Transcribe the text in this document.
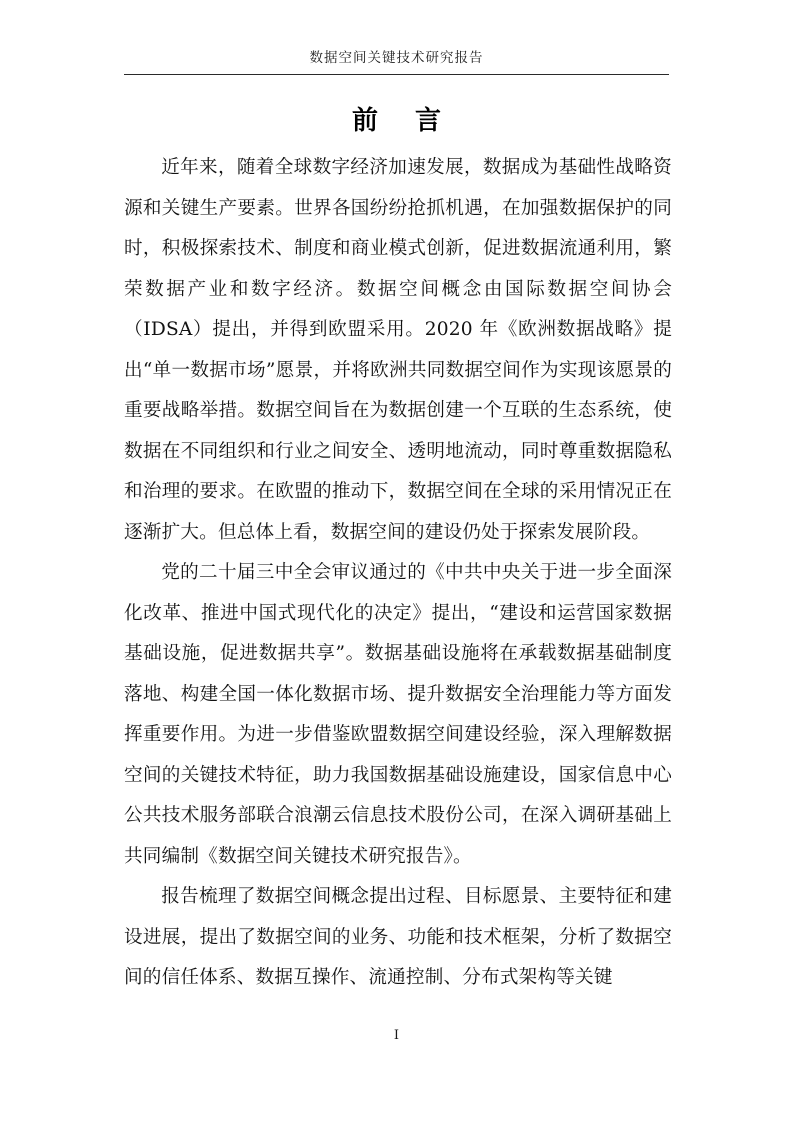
数据空间关键技术研究报告
前 言

近年来，随着全球数字经济加速发展，数据成为基础性战略资源和关键生产要素。世界各国纷纷抢抓机遇，在加强数据保护的同时，积极探索技术、制度和商业模式创新，促进数据流通利用，繁荣数据产业和数字经济。数据空间概念由国际数据空间协会（IDSA）提出，并得到欧盟采用。2020 年《欧洲数据战略》提出“单一数据市场”愿景，并将欧洲共同数据空间作为实现该愿景的重要战略举措。数据空间旨在为数据创建一个互联的生态系统，使数据在不同组织和行业之间安全、透明地流动，同时尊重数据隐私和治理的要求。在欧盟的推动下，数据空间在全球的采用情况正在逐渐扩大。但总体上看，数据空间的建设仍处于探索发展阶段。

党的二十届三中全会审议通过的《中共中央关于进一步全面深化改革、推进中国式现代化的决定》提出，“建设和运营国家数据基础设施，促进数据共享”。数据基础设施将在承载数据基础制度落地、构建全国一体化数据市场、提升数据安全治理能力等方面发挥重要作用。为进一步借鉴欧盟数据空间建设经验，深入理解数据空间的关键技术特征，助力我国数据基础设施建设，国家信息中心公共技术服务部联合浪潮云信息技术股份公司，在深入调研基础上共同编制《数据空间关键技术研究报告》。

报告梳理了数据空间概念提出过程、目标愿景、主要特征和建设进展，提出了数据空间的业务、功能和技术框架，分析了数据空间的信任体系、数据互操作、流通控制、分布式架构等关键

I
